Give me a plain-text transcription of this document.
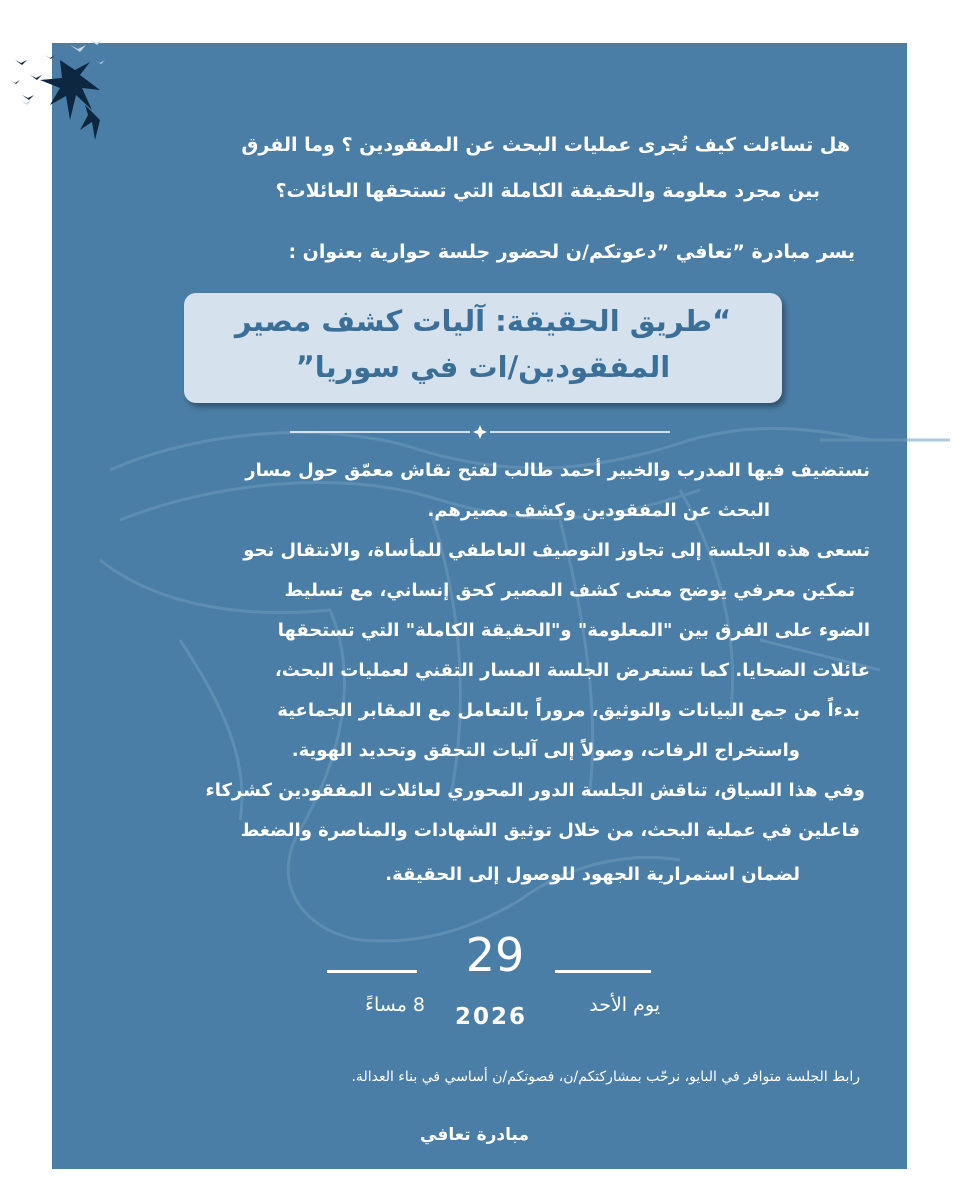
هل تساءلت كيف تُجرى عمليات البحث عن المفقودين ؟ وما الفرق
بين مجرد معلومة والحقيقة الكاملة التي تستحقها العائلات؟
يسر مبادرة ”تعافي ”دعوتكم/ن لحضور جلسة حوارية بعنوان :
“طريق الحقيقة: آليات كشف مصير
المفقودين/ات في سوريا”
نستضيف فيها المدرب والخبير أحمد طالب لفتح نقاش معمّق حول مسار
البحث عن المفقودين وكشف مصيرهم.
تسعى هذه الجلسة إلى تجاوز التوصيف العاطفي للمأساة، والانتقال نحو
تمكين معرفي يوضح معنى كشف المصير كحق إنساني، مع تسليط
الضوء على الفرق بين "المعلومة" و"الحقيقة الكاملة" التي تستحقها
عائلات الضحايا. كما تستعرض الجلسة المسار التقني لعمليات البحث،
بدءاً من جمع البيانات والتوثيق، مروراً بالتعامل مع المقابر الجماعية
واستخراج الرفات، وصولاً إلى آليات التحقق وتحديد الهوية.
وفي هذا السياق، تناقش الجلسة الدور المحوري لعائلات المفقودين كشركاء
فاعلين في عملية البحث، من خلال توثيق الشهادات والمناصرة والضغط
لضمان استمرارية الجهود للوصول إلى الحقيقة.
29
يوم الأحد
8 مساءً 2026
رابط الجلسة متوافر في البايو، نرحّب بمشاركتكم/ن، فصوتكم/ن أساسي في بناء العدالة.
مبادرة تعافي
